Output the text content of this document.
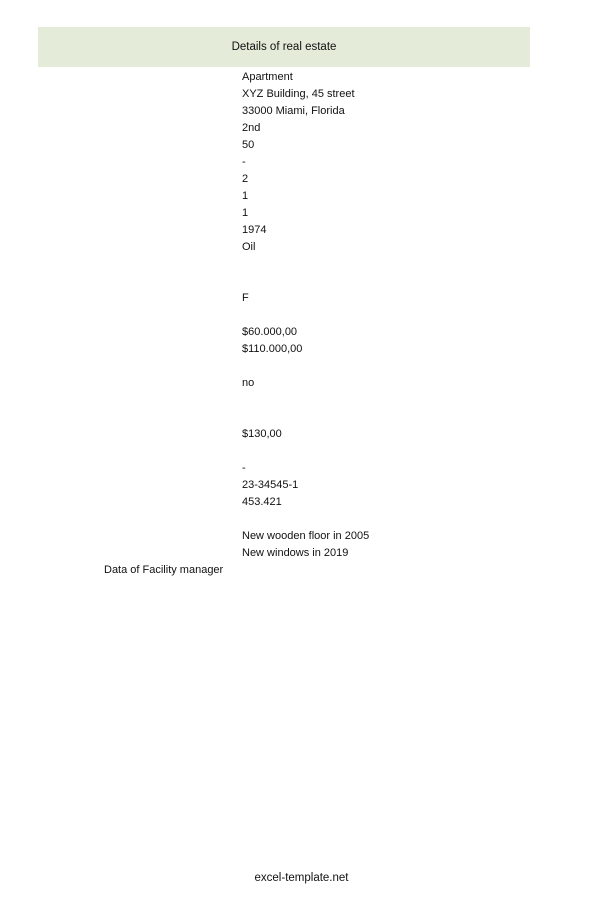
Details of real estate
Apartment
XYZ Building, 45 street
33000 Miami, Florida
2nd
50
-
2
1
1
1974
Oil
F
$60.000,00
$110.000,00
no
$130,00
-
23-34545-1
453.421
New wooden floor in 2005
New windows in 2019
Data of Facility manager
excel-template.net
